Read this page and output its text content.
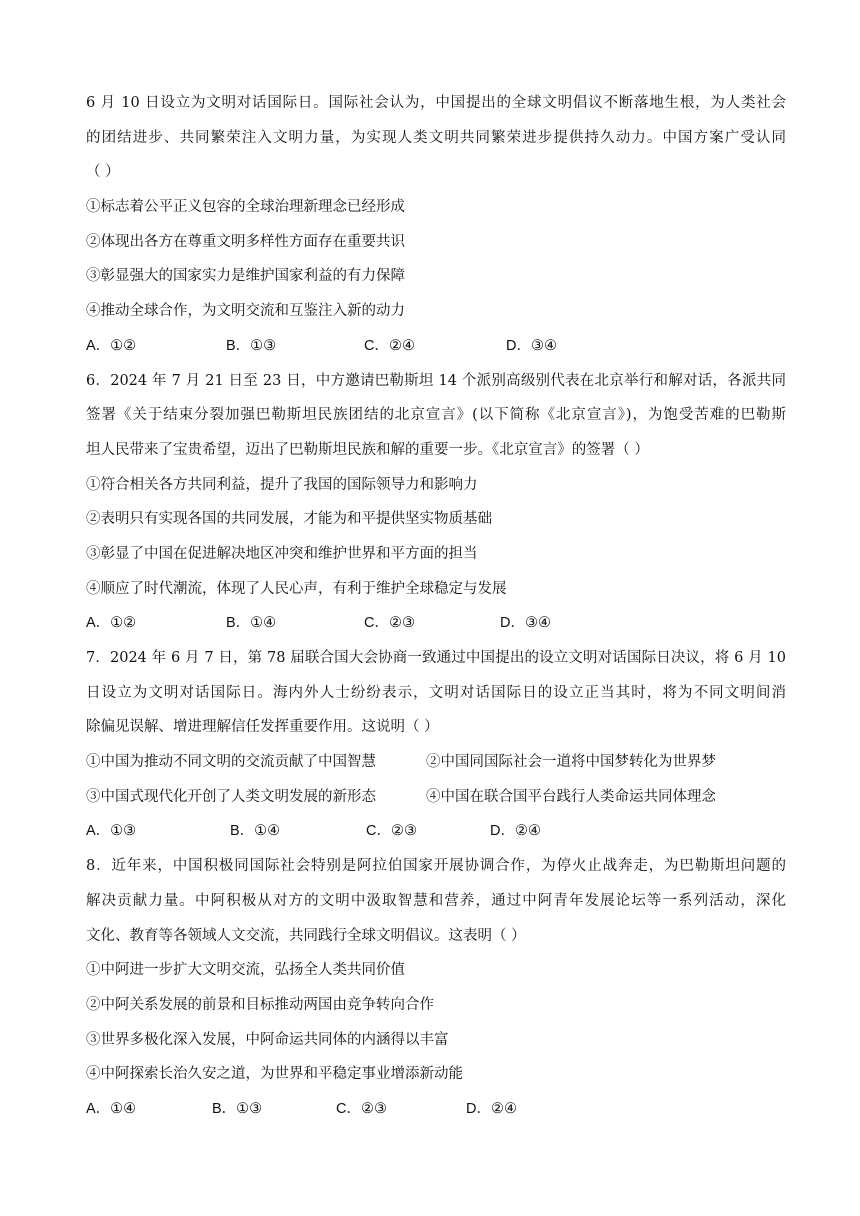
6 月 10 日设立为文明对话国际日。国际社会认为，中国提出的全球文明倡议不断落地生根，为人类社会
的团结进步、共同繁荣注入文明力量，为实现人类文明共同繁荣进步提供持久动力。中国方案广受认同
（ ）
①标志着公平正义包容的全球治理新理念已经形成
②体现出各方在尊重文明多样性方面存在重要共识
③彰显强大的国家实力是维护国家利益的有力保障
④推动全球合作，为文明交流和互鉴注入新的动力
A．①②	B．①③	C．②④	D．③④
6．2024 年 7 月 21 日至 23 日，中方邀请巴勒斯坦 14 个派别高级别代表在北京举行和解对话，各派共同
签署《关于结束分裂加强巴勒斯坦民族团结的北京宣言》(以下简称《北京宣言》)，为饱受苦难的巴勒斯
坦人民带来了宝贵希望，迈出了巴勒斯坦民族和解的重要一步。《北京宣言》的签署（ ）
①符合相关各方共同利益，提升了我国的国际领导力和影响力
②表明只有实现各国的共同发展，才能为和平提供坚实物质基础
③彰显了中国在促进解决地区冲突和维护世界和平方面的担当
④顺应了时代潮流，体现了人民心声，有利于维护全球稳定与发展
A．①②	B．①④	C．②③	D．③④
7．2024 年 6 月 7 日，第 78 届联合国大会协商一致通过中国提出的设立文明对话国际日决议，将 6 月 10
日设立为文明对话国际日。海内外人士纷纷表示，文明对话国际日的设立正当其时，将为不同文明间消
除偏见误解、增进理解信任发挥重要作用。这说明（ ）
①中国为推动不同文明的交流贡献了中国智慧	②中国同国际社会一道将中国梦转化为世界梦
③中国式现代化开创了人类文明发展的新形态	④中国在联合国平台践行人类命运共同体理念
A．①③	B．①④	C．②③	D．②④
8．近年来，中国积极同国际社会特别是阿拉伯国家开展协调合作，为停火止战奔走，为巴勒斯坦问题的
解决贡献力量。中阿积极从对方的文明中汲取智慧和营养，通过中阿青年发展论坛等一系列活动，深化
文化、教育等各领域人文交流，共同践行全球文明倡议。这表明（ ）
①中阿进一步扩大文明交流，弘扬全人类共同价值
②中阿关系发展的前景和目标推动两国由竞争转向合作
③世界多极化深入发展，中阿命运共同体的内涵得以丰富
④中阿探索长治久安之道，为世界和平稳定事业增添新动能
A．①④	B．①③	C．②③	D．②④
